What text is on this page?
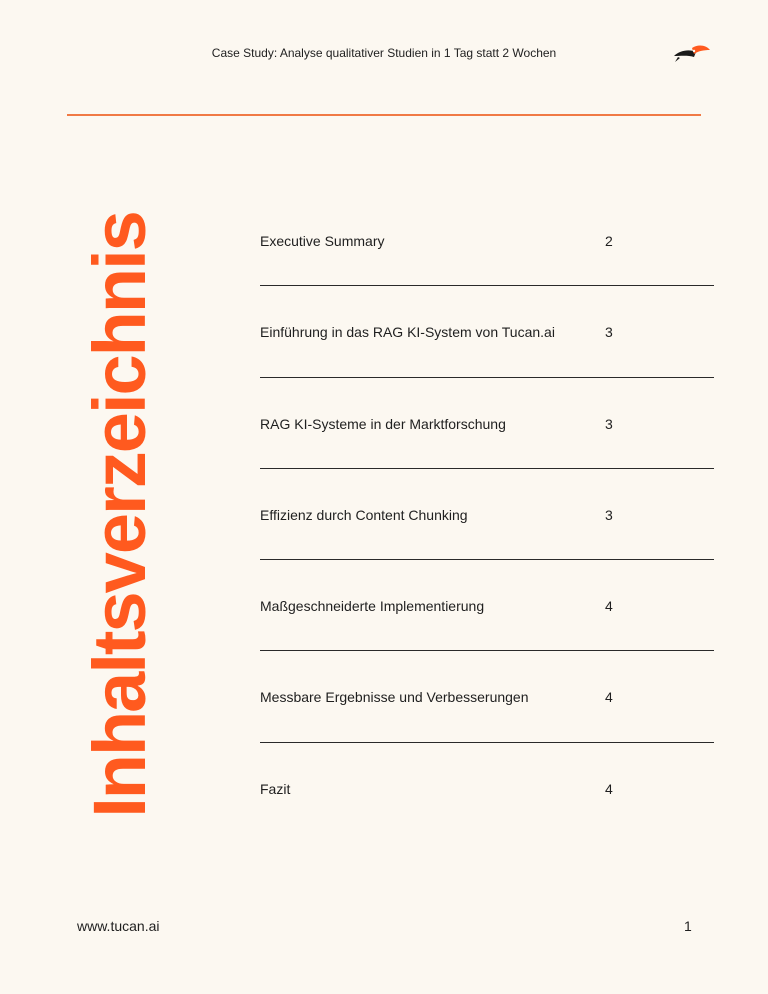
Case Study: Analyse qualitativer Studien in 1 Tag statt 2 Wochen
Inhaltsverzeichnis	Executive Summary	2
Einführung in das RAG KI-System von Tucan.ai	3
RAG KI-Systeme in der Marktforschung	3
Effizienz durch Content Chunking	3
Maßgeschneiderte Implementierung	4
Messbare Ergebnisse und Verbesserungen	4
Fazit	4
www.tucan.ai	1
